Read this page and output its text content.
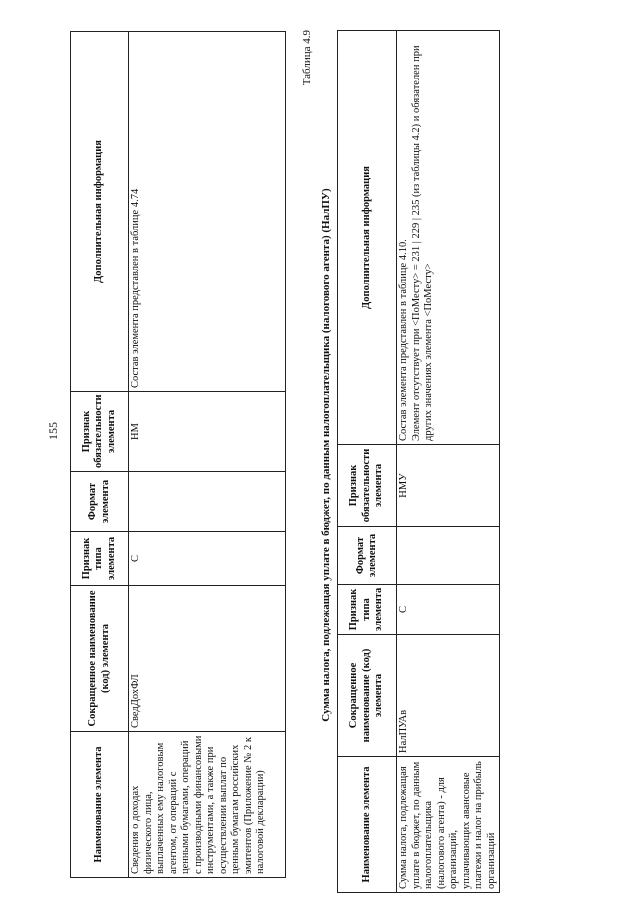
155
Наименование элемента	Сокращенное наименование (код) элемента	Признак типа элемента	Формат элемента	Признак обязательности элемента	Дополнительная информация
Сведения о доходах физического лица, выплаченных ему налоговым агентом, от операций с ценными бумагами, операций с производными финансовыми инструментами, а также при осуществлении выплат по ценным бумагам российских эмитентов (Приложение № 2 к налоговой декларации)	СведДохФЛ	С		НМ	Состав элемента представлен в таблице 4.74
Таблица 4.9
Сумма налога, подлежащая уплате в бюджет, по данным налогоплательщика (налогового агента) (НалПУ)
Наименование элемента	Сокращенное наименование (код) элемента	Признак типа элемента	Формат элемента	Признак обязательности элемента	Дополнительная информация
Сумма налога, подлежащая уплате в бюджет, по данным налогоплательщика (налогового агента) - для организаций, уплачивающих авансовые платежи и налог на прибыль организаций	НалПУАв	С		НМУ	Состав элемента представлен в таблице 4.10. Элемент отсутствует при <ПоМесту> = 231 | 229 | 235 (из таблицы 4.2) и обязателен при других значениях элемента <ПоМесту>
